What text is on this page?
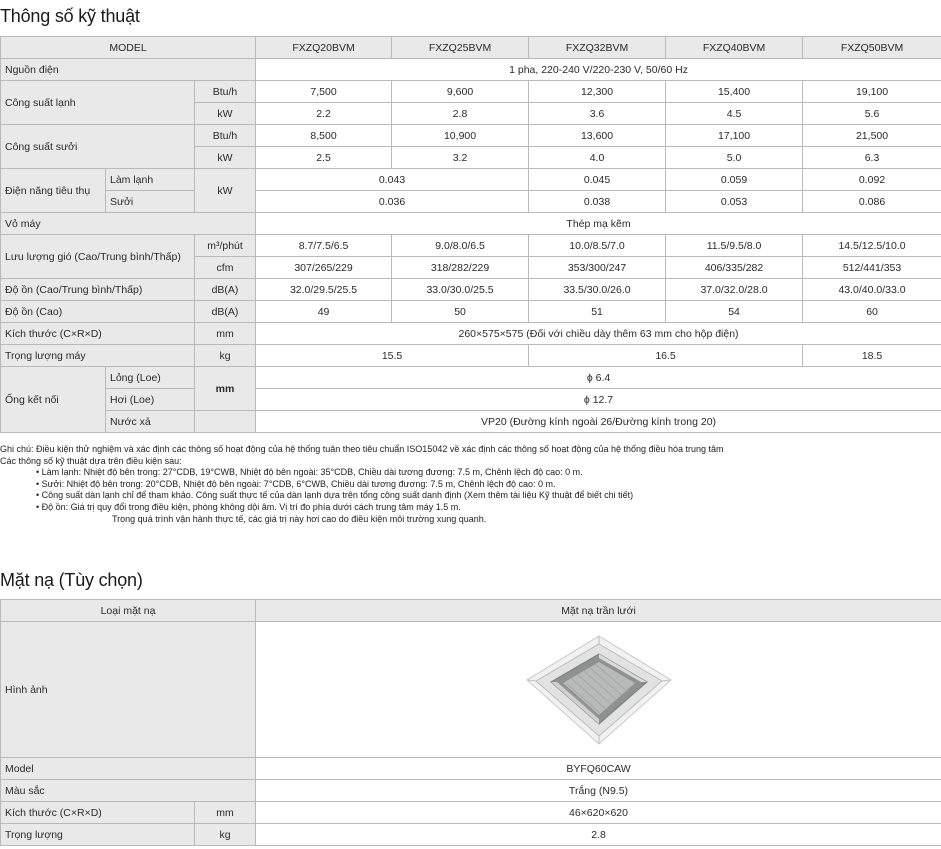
Thông số kỹ thuật
MODEL			FXZQ20BVM	FXZQ25BVM	FXZQ32BVM	FXZQ40BVM	FXZQ50BVM
Nguồn điện			1 pha, 220-240 V/220-230 V, 50/60 Hz				
Công suất lạnh		Btu/h	7,500	9,600	12,300	15,400	19,100
		kW	2.2	2.8	3.6	4.5	5.6
Công suất sưởi		Btu/h	8,500	10,900	13,600	17,100	21,500
		kW	2.5	3.2	4.0	5.0	6.3
Điện năng tiêu thụ	Làm lạnh	kW	0.043		0.045	0.059	0.092
	Sưởi		0.036		0.038	0.053	0.086
Vỏ máy			Thép mạ kẽm				
Lưu lượng gió (Cao/Trung bình/Thấp)		m³/phút	8.7/7.5/6.5	9.0/8.0/6.5	10.0/8.5/7.0	11.5/9.5/8.0	14.5/12.5/10.0
		cfm	307/265/229	318/282/229	353/300/247	406/335/282	512/441/353
Độ ồn (Cao/Trung bình/Thấp)		dB(A)	32.0/29.5/25.5	33.0/30.0/25.5	33.5/30.0/26.0	37.0/32.0/28.0	43.0/40.0/33.0
Độ ồn (Cao)		dB(A)	49	50	51	54	60
Kích thước (C×R×D)		mm	260×575×575 (Đối với chiều dày thêm 63 mm cho hộp điện)				
Trọng lượng máy		kg	15.5		16.5		18.5
Ống kết nối	Lỏng (Loe)	mm	ϕ 6.4				
	Hơi (Loe)		ϕ 12.7				
	Nước xả		VP20 (Đường kính ngoài 26/Đường kính trong 20)				
Ghi chú: Điều kiện thử nghiệm và xác định các thông số hoạt động của hệ thống tuân theo tiêu chuẩn ISO15042 về xác định các thông số hoạt động của hệ thống điều hòa trung tâm
Các thông số kỹ thuật dựa trên điều kiện sau:
• Làm lạnh: Nhiệt độ bên trong: 27°CDB, 19°CWB, Nhiệt độ bên ngoài: 35°CDB, Chiều dài tương đương: 7.5 m, Chênh lệch độ cao: 0 m.
• Sưởi: Nhiệt độ bên trong: 20°CDB, Nhiệt độ bên ngoài: 7°CDB, 6°CWB, Chiều dài tương đương: 7.5 m, Chênh lệch độ cao: 0 m.
• Công suất dàn lạnh chỉ để tham khảo. Công suất thực tế của dàn lạnh dựa trên tổng công suất danh định (Xem thêm tài liệu Kỹ thuật để biết chi tiết)
• Độ ồn: Giá trị quy đổi trong điều kiện, phòng không dội âm. Vị trí đo phía dưới cách trung tâm máy 1.5 m.
Trong quá trình vận hành thực tế, các giá trị này hơi cao do điều kiện môi trường xung quanh.
Mặt nạ (Tùy chọn)
Loại mặt nạ		Mặt nạ trần lưới
Hình ảnh	

Model		BYFQ60CAW
Màu sắc		Trắng (N9.5)
Kích thước (C×R×D)	mm	46×620×620
Trọng lượng	kg	2.8
